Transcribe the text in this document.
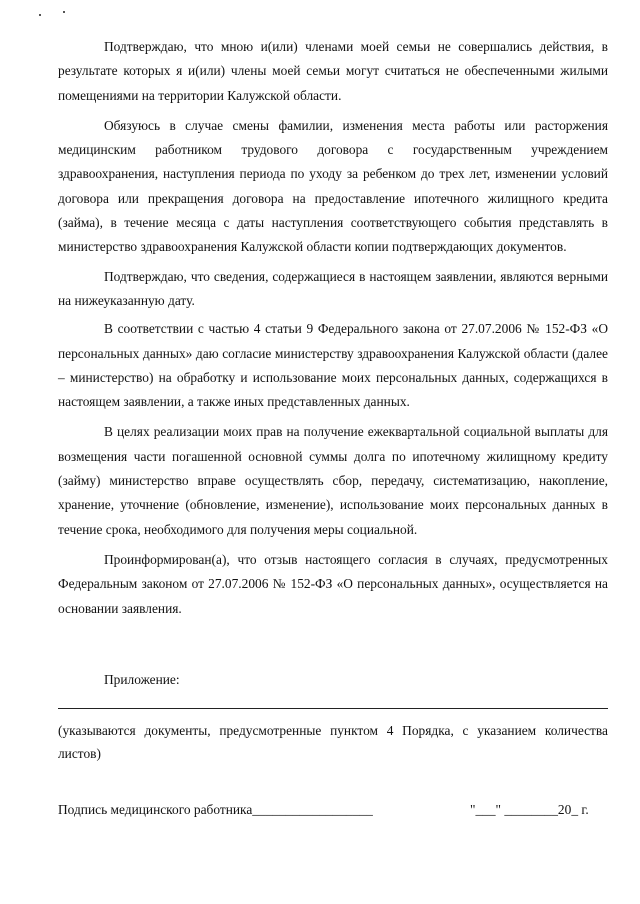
Подтверждаю, что мною и(или) членами моей семьи не совершались действия, в результате которых я и(или) члены моей семьи могут считаться не обеспеченными жилыми помещениями на территории Калужской области.

Обязуюсь в случае смены фамилии, изменения места работы или расторжения медицинским работником трудового договора с государственным учреждением здравоохранения, наступления периода по уходу за ребенком до трех лет, изменении условий договора или прекращения договора на предоставление ипотечного жилищного кредита (займа), в течение месяца с даты наступления соответствующего события представлять в министерство здравоохранения Калужской области копии подтверждающих документов.

Подтверждаю, что сведения, содержащиеся в настоящем заявлении, являются верными на нижеуказанную дату.

В соответствии с частью 4 статьи 9 Федерального закона от 27.07.2006 № 152-ФЗ «О персональных данных» даю согласие министерству здравоохранения Калужской области (далее – министерство) на обработку и использование моих персональных данных, содержащихся в настоящем заявлении, а также иных представленных данных.

В целях реализации моих прав на получение ежеквартальной социальной выплаты для возмещения части погашенной основной суммы долга по ипотечному жилищному кредиту (займу) министерство вправе осуществлять сбор, передачу, систематизацию, накопление, хранение, уточнение (обновление, изменение), использование моих персональных данных в течение срока, необходимого для получения меры социальной.

Проинформирован(а), что отзыв настоящего согласия в случаях, предусмотренных Федеральным законом от 27.07.2006 № 152-ФЗ «О персональных данных», осуществляется на основании заявления.

Приложение:
(указываются документы, предусмотренные пунктом 4 Порядка, с указанием количества листов)
Подпись медицинского работника__________________	"___" ________20_ г.
